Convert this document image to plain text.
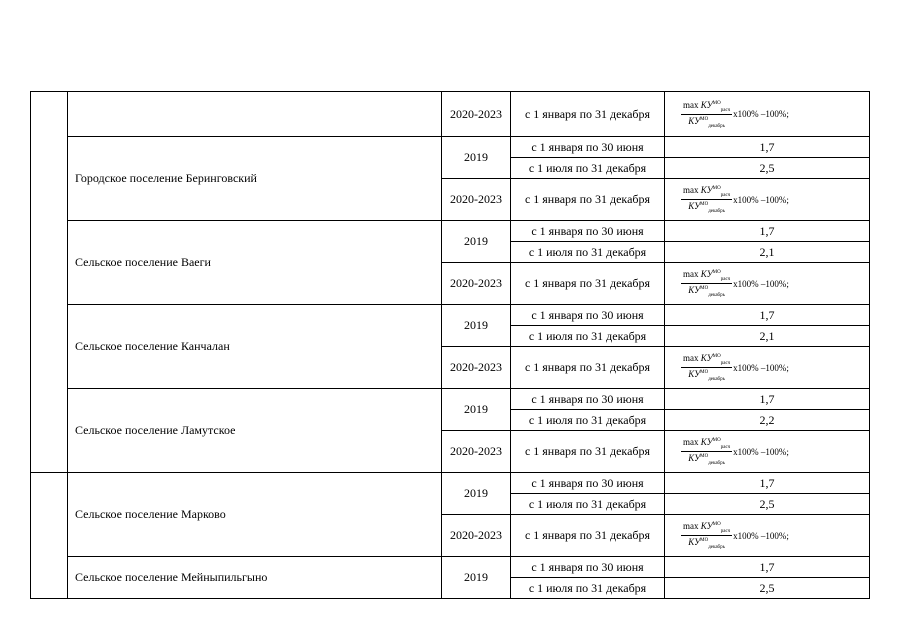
		2020-2023	с 1 января по 31 декабря	$\frac{\max КУ^{МО}_{расч}}{КУ^{МО}_{декабрь}} х100\%$ –100%;

	Городское поселение Беринговский	2019	с 1 января по 30 июня	1,7
			с 1 июля по 31 декабря	2,5
		2020-2023	с 1 января по 31 декабря	$\frac{\max КУ^{МО}_{расч}}{КУ^{МО}_{декабрь}} х100\%$ –100%;

	Сельское поселение Ваеги	2019	с 1 января по 30 июня	1,7
			с 1 июля по 31 декабря	2,1
		2020-2023	с 1 января по 31 декабря	$\frac{\max КУ^{МО}_{расч}}{КУ^{МО}_{декабрь}} х100\%$ –100%;

	Сельское поселение Канчалан	2019	с 1 января по 30 июня	1,7
			с 1 июля по 31 декабря	2,1
		2020-2023	с 1 января по 31 декабря	$\frac{\max КУ^{МО}_{расч}}{КУ^{МО}_{декабрь}} х100\%$ –100%;

	Сельское поселение Ламутское	2019	с 1 января по 30 июня	1,7
			с 1 июля по 31 декабря	2,2
		2020-2023	с 1 января по 31 декабря	$\frac{\max КУ^{МО}_{расч}}{КУ^{МО}_{декабрь}} х100\%$ –100%;

	Сельское поселение Марково	2019	с 1 января по 30 июня	1,7
			с 1 июля по 31 декабря	2,5
		2020-2023	с 1 января по 31 декабря	$\frac{\max КУ^{МО}_{расч}}{КУ^{МО}_{декабрь}} х100\%$ –100%;

	Сельское поселение Мейныпильгыно	2019	с 1 января по 30 июня	1,7
			с 1 июля по 31 декабря	2,5
